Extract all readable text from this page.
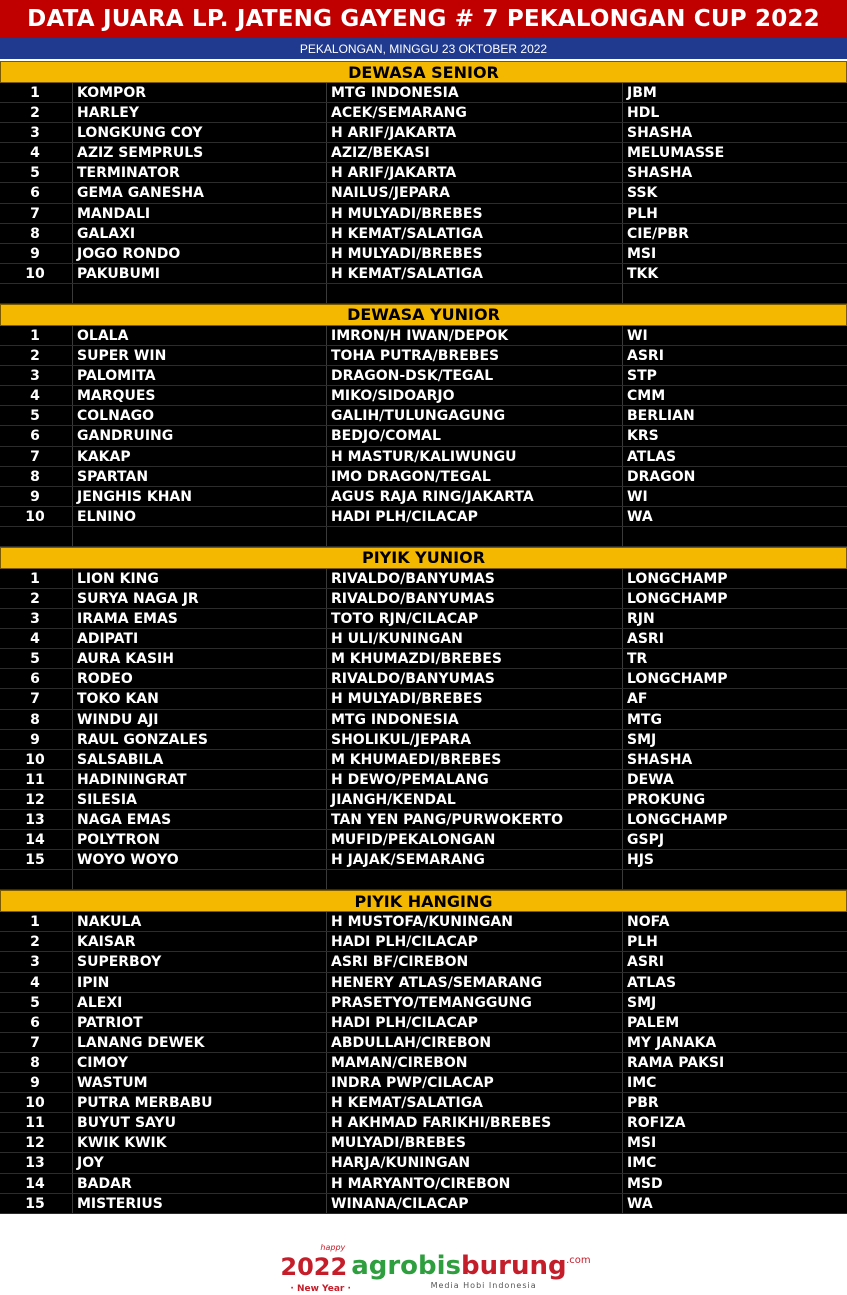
DATA JUARA LP. JATENG GAYENG # 7 PEKALONGAN CUP 2022
PEKALONGAN, MINGGU 23 OKTOBER 2022
DEWASA SENIOR
1	KOMPOR	MTG INDONESIA	JBM
2	HARLEY	ACEK/SEMARANG	HDL
3	LONGKUNG COY	H ARIF/JAKARTA	SHASHA
4	AZIZ SEMPRULS	AZIZ/BEKASI	MELUMASSE
5	TERMINATOR	H ARIF/JAKARTA	SHASHA
6	GEMA GANESHA	NAILUS/JEPARA	SSK
7	MANDALI	H MULYADI/BREBES	PLH
8	GALAXI	H KEMAT/SALATIGA	CIE/PBR
9	JOGO RONDO	H MULYADI/BREBES	MSI
10	PAKUBUMI	H KEMAT/SALATIGA	TKK
DEWASA YUNIOR
1	OLALA	IMRON/H IWAN/DEPOK	WI
2	SUPER WIN	TOHA PUTRA/BREBES	ASRI
3	PALOMITA	DRAGON-DSK/TEGAL	STP
4	MARQUES	MIKO/SIDOARJO	CMM
5	COLNAGO	GALIH/TULUNGAGUNG	BERLIAN
6	GANDRUING	BEDJO/COMAL	KRS
7	KAKAP	H MASTUR/KALIWUNGU	ATLAS
8	SPARTAN	IMO DRAGON/TEGAL	DRAGON
9	JENGHIS KHAN	AGUS RAJA RING/JAKARTA	WI
10	ELNINO	HADI PLH/CILACAP	WA
PIYIK YUNIOR
1	LION KING	RIVALDO/BANYUMAS	LONGCHAMP
2	SURYA NAGA JR	RIVALDO/BANYUMAS	LONGCHAMP
3	IRAMA EMAS	TOTO RJN/CILACAP	RJN
4	ADIPATI	H ULI/KUNINGAN	ASRI
5	AURA KASIH	M KHUMAZDI/BREBES	TR
6	RODEO	RIVALDO/BANYUMAS	LONGCHAMP
7	TOKO KAN	H MULYADI/BREBES	AF
8	WINDU AJI	MTG INDONESIA	MTG
9	RAUL GONZALES	SHOLIKUL/JEPARA	SMJ
10	SALSABILA	M KHUMAEDI/BREBES	SHASHA
11	HADININGRAT	H DEWO/PEMALANG	DEWA
12	SILESIA	JIANGH/KENDAL	PROKUNG
13	NAGA EMAS	TAN YEN PANG/PURWOKERTO	LONGCHAMP
14	POLYTRON	MUFID/PEKALONGAN	GSPJ
15	WOYO WOYO	H JAJAK/SEMARANG	HJS
PIYIK HANGING
1	NAKULA	H MUSTOFA/KUNINGAN	NOFA
2	KAISAR	HADI PLH/CILACAP	PLH
3	SUPERBOY	ASRI BF/CIREBON	ASRI
4	IPIN	HENERY ATLAS/SEMARANG	ATLAS
5	ALEXI	PRASETYO/TEMANGGUNG	SMJ
6	PATRIOT	HADI PLH/CILACAP	PALEM
7	LANANG DEWEK	ABDULLAH/CIREBON	MY JANAKA
8	CIMOY	MAMAN/CIREBON	RAMA PAKSI
9	WASTUM	INDRA PWP/CILACAP	IMC
10	PUTRA MERBABU	H KEMAT/SALATIGA	PBR
11	BUYUT SAYU	H AKHMAD FARIKHI/BREBES	ROFIZA
12	KWIK KWIK	MULYADI/BREBES	MSI
13	JOY	HARJA/KUNINGAN	IMC
14	BADAR	H MARYANTO/CIREBON	MSD
15	MISTERIUS	WINANA/CILACAP	WA
happy
2022 agrobis burung .com
Media Hobi Indonesia
· New Year ·
